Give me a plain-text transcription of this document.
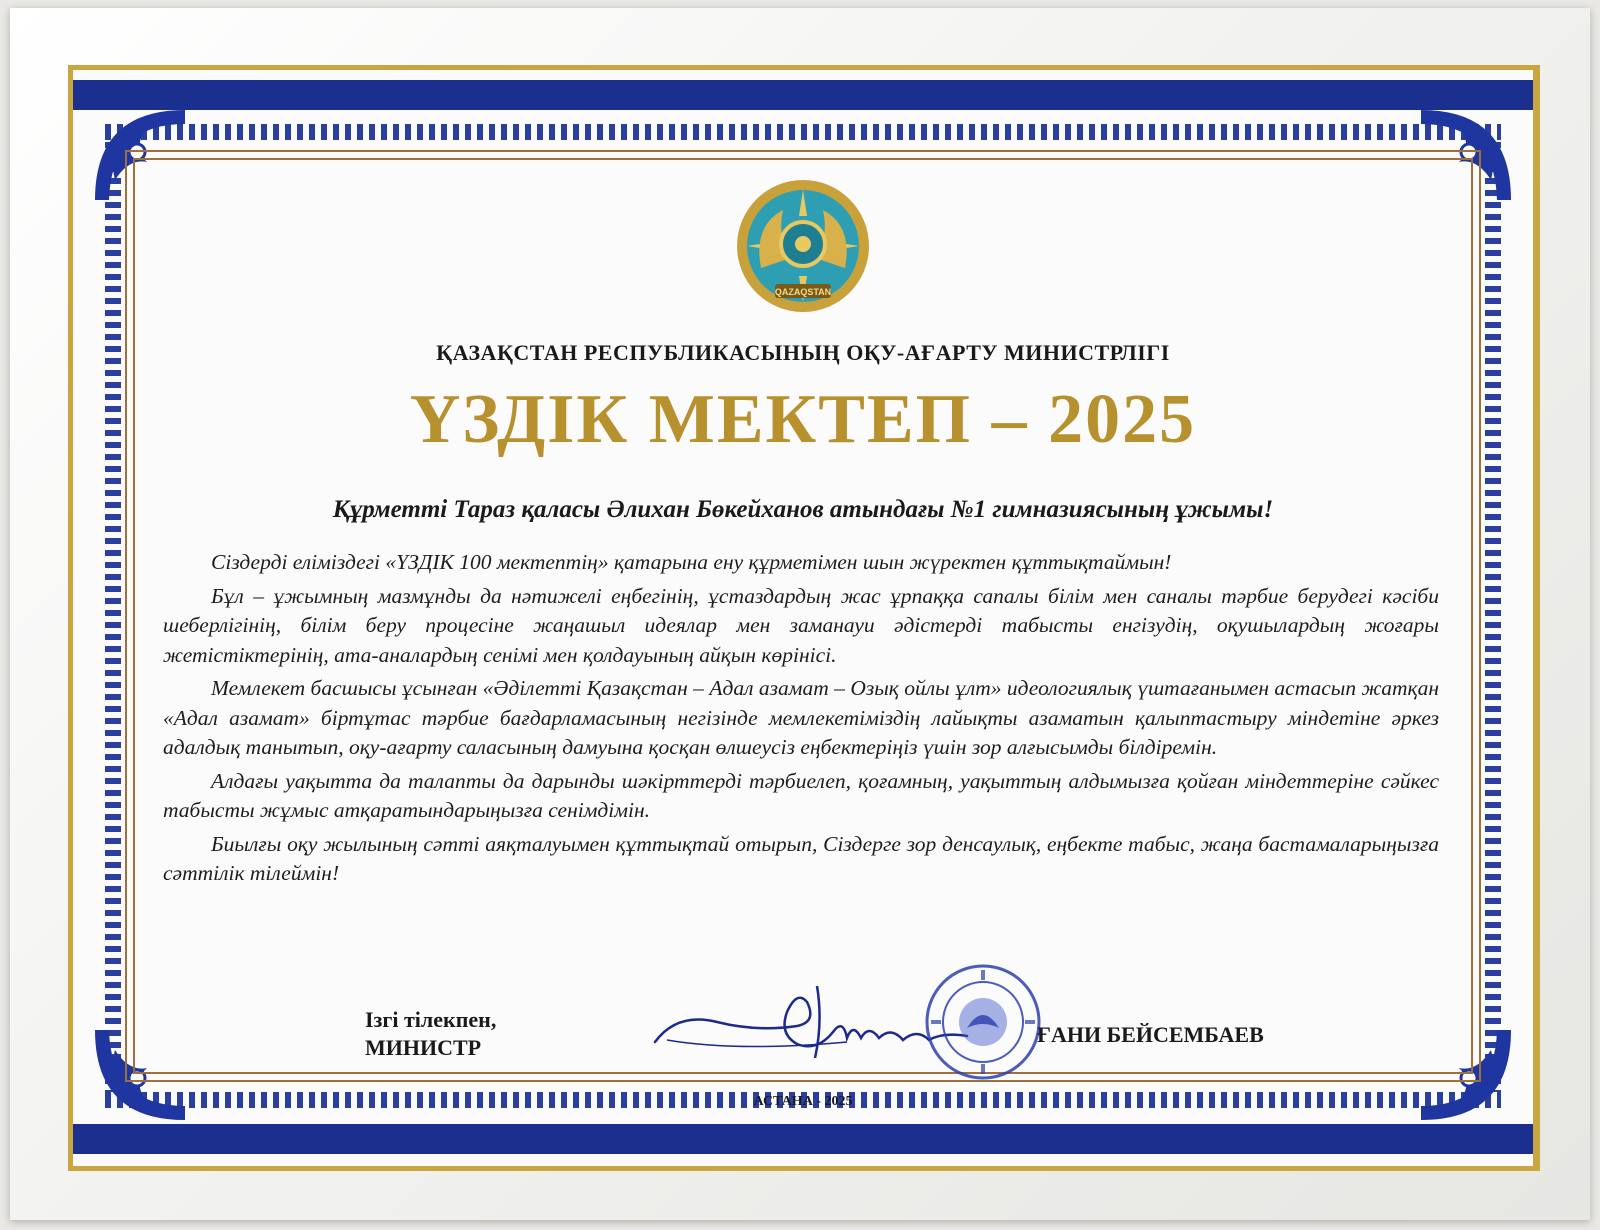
QAZAQSTAN
ҚАЗАҚСТАН РЕСПУБЛИКАСЫНЫҢ ОҚУ-АҒАРТУ МИНИСТРЛІГІ
ҮЗДІК МЕКТЕП – 2025
Құрметті Тараз қаласы Әлихан Бөкейханов атындағы №1 гимназиясының ұжымы!

Сіздерді еліміздегі «ҮЗДІК 100 мектептің» қатарына ену құрметімен шын жүректен құттықтаймын!

Бұл – ұжымның мазмұнды да нәтижелі еңбегінің, ұстаздардың жас ұрпаққа сапалы білім мен саналы тәрбие берудегі кәсіби шеберлігінің, білім беру процесіне жаңашыл идеялар мен заманауи әдістерді табысты енгізудің, оқушылардың жоғары жетістіктерінің, ата-аналардың сенімі мен қолдауының айқын көрінісі.

Мемлекет басшысы ұсынған «Әділетті Қазақстан – Адал азамат – Озық ойлы ұлт» идеологиялық үштағанымен астасып жатқан «Адал азамат» біртұтас тәрбие бағдарламасының негізінде мемлекетіміздің лайықты азаматын қалыптастыру міндетіне әркез адалдық танытып, оқу-ағарту саласының дамуына қосқан өлшеусіз еңбектеріңіз үшін зор алғысымды білдіремін.

Алдағы уақытта да талапты да дарынды шәкірттерді тәрбиелеп, қоғамның, уақыттың алдымызға қойған міндеттеріне сәйкес табысты жұмыс атқаратындарыңызға сенімдімін.

Биылғы оқу жылының сәтті аяқталуымен құттықтай отырып, Сіздерге зор денсаулық, еңбекте табыс, жаңа бастамаларыңызға сәттілік тілеймін!

Ізгі тілекпен,
МИНИСТР
ҒАНИ БЕЙСЕМБАЕВ
АСТАНА - 2025
